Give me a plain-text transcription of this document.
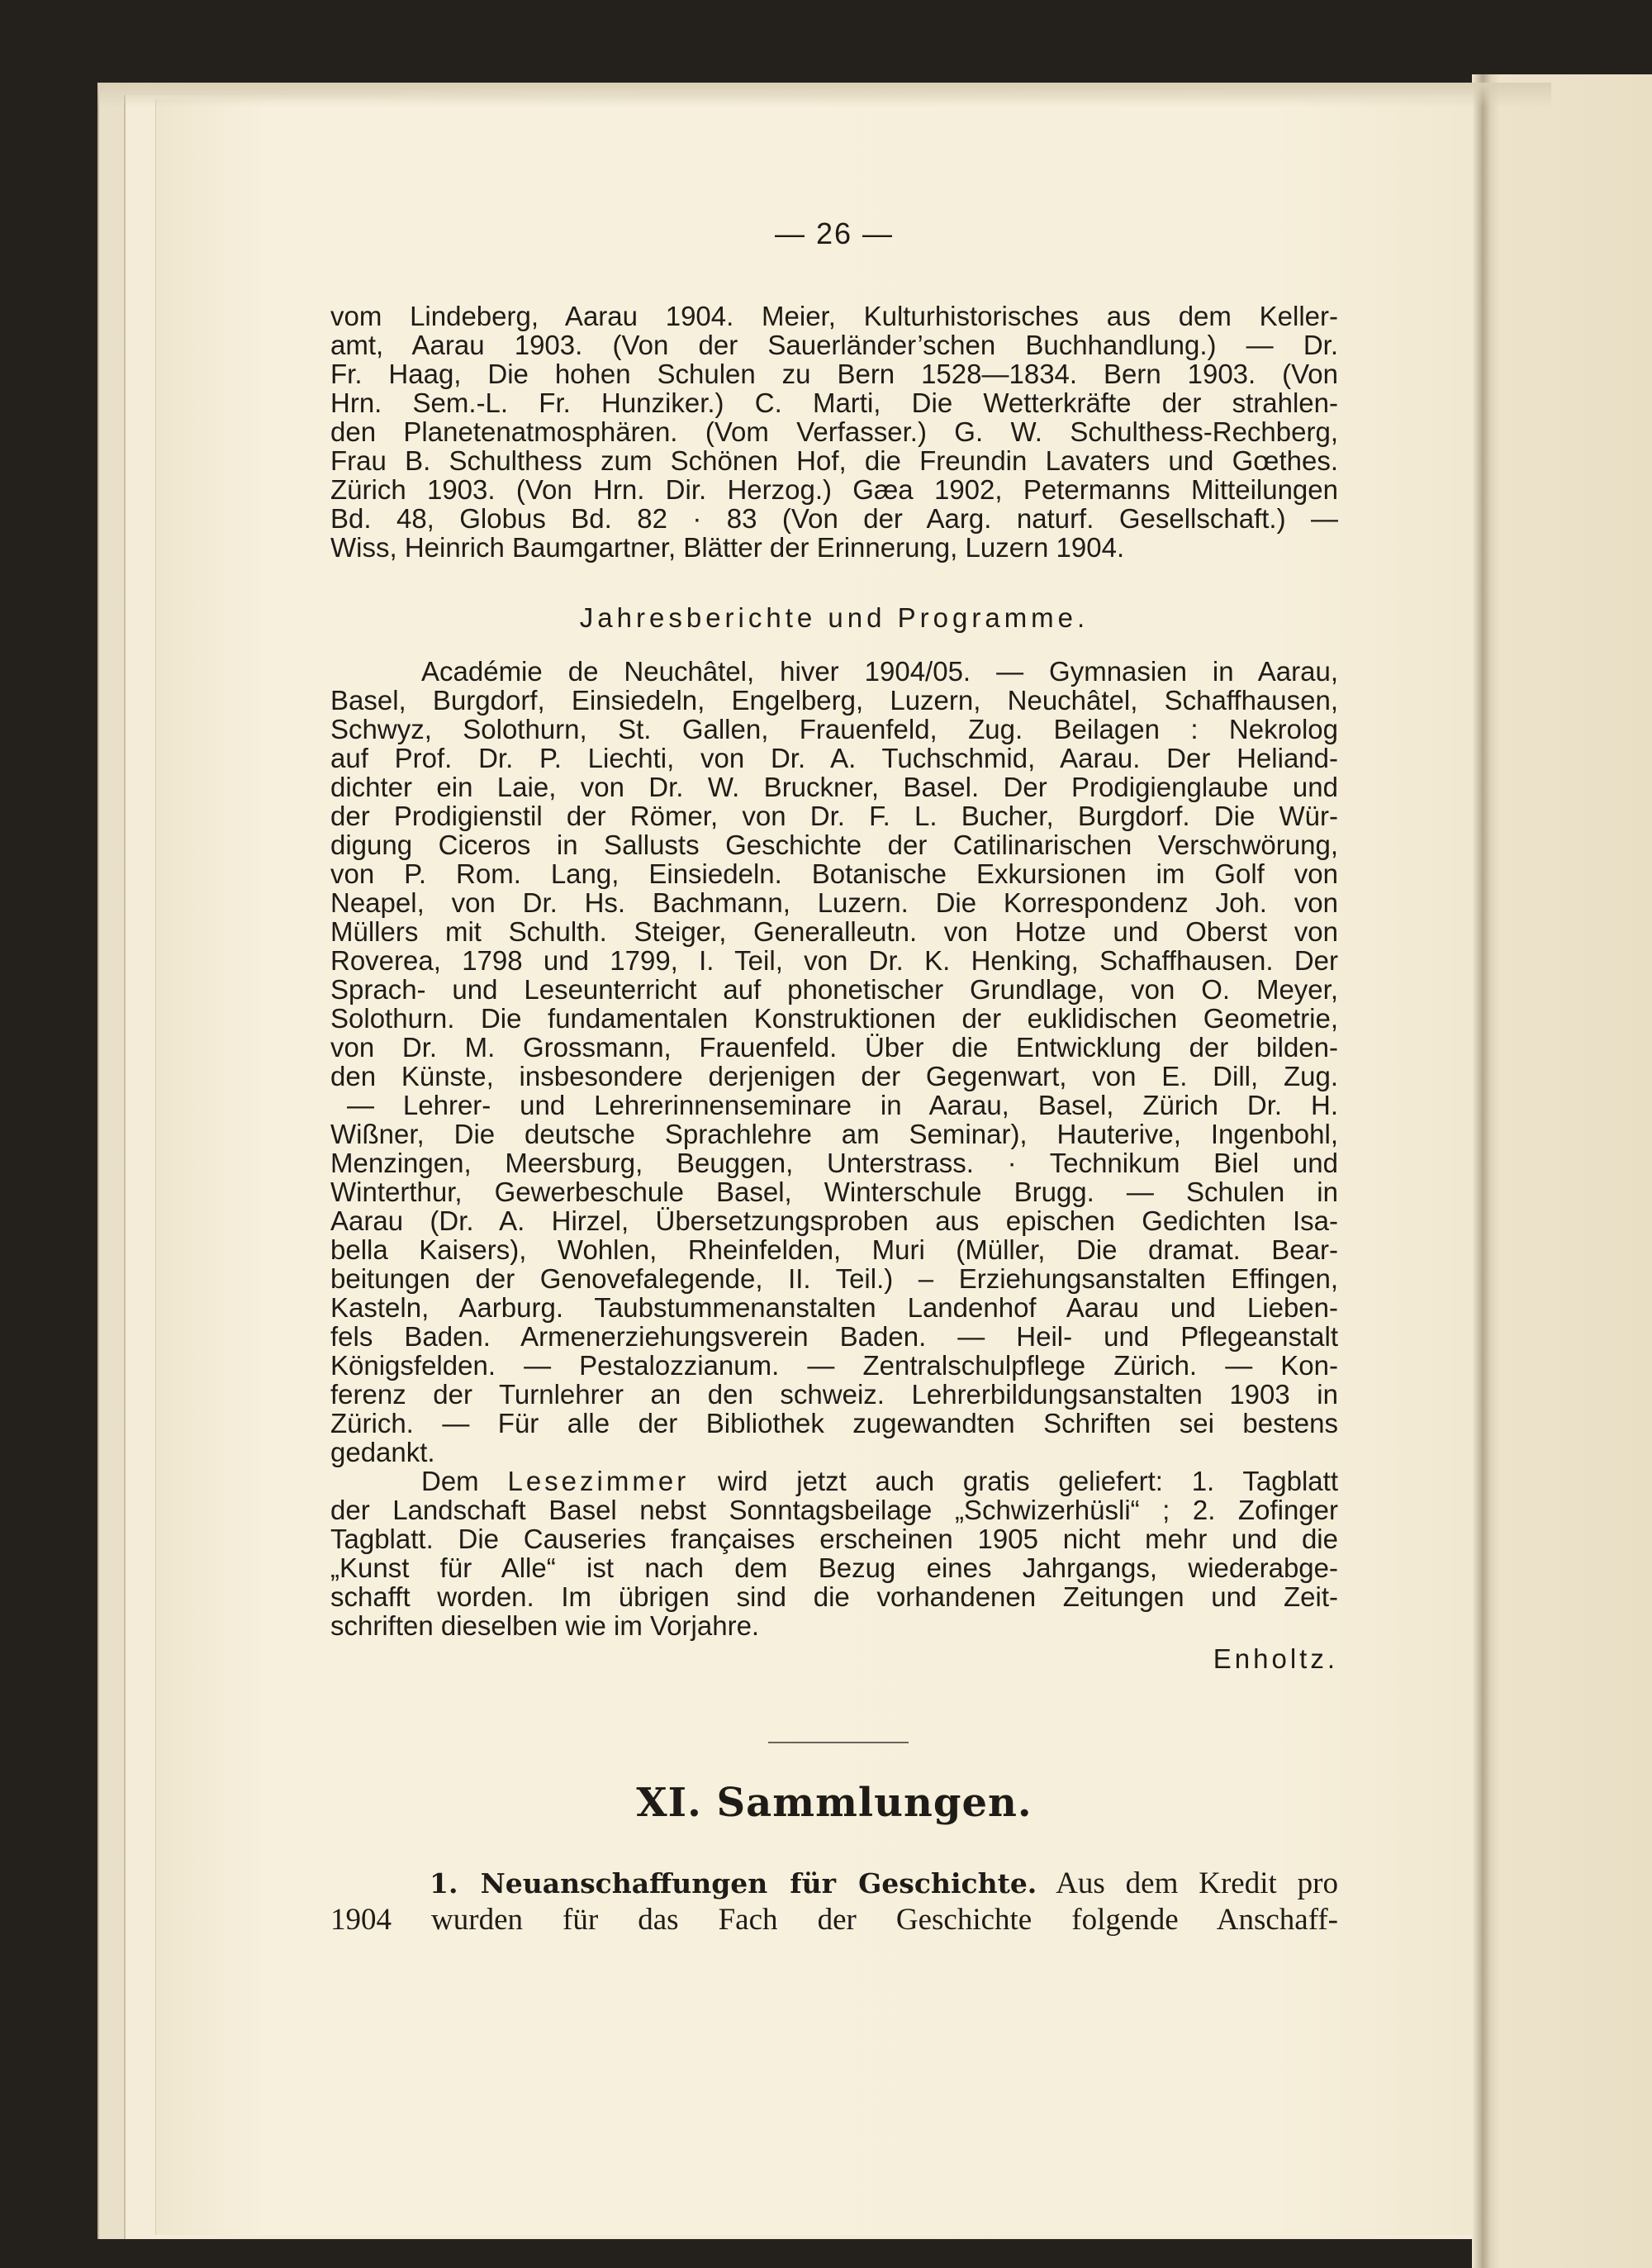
— 26 —
vom Lindeberg, Aarau 1904. Meier, Kulturhistorisches aus dem Keller-
amt, Aarau 1903. (Von der Sauerländer’schen Buchhandlung.) — Dr.
Fr. Haag, Die hohen Schulen zu Bern 1528—1834. Bern 1903. (Von
Hrn. Sem.-L. Fr. Hunziker.) C. Marti, Die Wetterkräfte der strahlen-
den Planetenatmosphären. (Vom Verfasser.) G. W. Schulthess-Rechberg,
Frau B. Schulthess zum Schönen Hof, die Freundin Lavaters und Gœthes.
Zürich 1903. (Von Hrn. Dir. Herzog.) Gæa 1902, Petermanns Mitteilungen
Bd. 48, Globus Bd. 82 · 83 (Von der Aarg. naturf. Gesellschaft.) —
Wiss, Heinrich Baumgartner, Blätter der Erinnerung, Luzern 1904.
Jahresberichte und Programme.
Académie de Neuchâtel, hiver 1904/05. — Gymnasien in Aarau,
Basel, Burgdorf, Einsiedeln, Engelberg, Luzern, Neuchâtel, Schaffhausen,
Schwyz, Solothurn, St. Gallen, Frauenfeld, Zug. Beilagen : Nekrolog
auf Prof. Dr. P. Liechti, von Dr. A. Tuchschmid, Aarau. Der Heliand-
dichter ein Laie, von Dr. W. Bruckner, Basel. Der Prodigienglaube und
der Prodigienstil der Römer, von Dr. F. L. Bucher, Burgdorf. Die Wür-
digung Ciceros in Sallusts Geschichte der Catilinarischen Verschwörung,
von P. Rom. Lang, Einsiedeln. Botanische Exkursionen im Golf von
Neapel, von Dr. Hs. Bachmann, Luzern. Die Korrespondenz Joh. von
Müllers mit Schulth. Steiger, Generalleutn. von Hotze und Oberst von
Roverea, 1798 und 1799, I. Teil, von Dr. K. Henking, Schaffhausen. Der
Sprach- und Leseunterricht auf phonetischer Grundlage, von O. Meyer,
Solothurn. Die fundamentalen Konstruktionen der euklidischen Geometrie,
von Dr. M. Grossmann, Frauenfeld. Über die Entwicklung der bilden-
den Künste, insbesondere derjenigen der Gegenwart, von E. Dill, Zug.
— Lehrer- und Lehrerinnenseminare in Aarau, Basel, Zürich Dr. H.
Wißner, Die deutsche Sprachlehre am Seminar), Hauterive, Ingenbohl,
Menzingen, Meersburg, Beuggen, Unterstrass. · Technikum Biel und
Winterthur, Gewerbeschule Basel, Winterschule Brugg. — Schulen in
Aarau (Dr. A. Hirzel, Übersetzungsproben aus epischen Gedichten Isa-
bella Kaisers), Wohlen, Rheinfelden, Muri (Müller, Die dramat. Bear-
beitungen der Genovefalegende, II. Teil.) – Erziehungsanstalten Effingen,
Kasteln, Aarburg. Taubstummenanstalten Landenhof Aarau und Lieben-
fels Baden. Armenerziehungsverein Baden. — Heil- und Pflegeanstalt
Königsfelden. — Pestalozzianum. — Zentralschulpflege Zürich. — Kon-
ferenz der Turnlehrer an den schweiz. Lehrerbildungsanstalten 1903 in
Zürich. — Für alle der Bibliothek zugewandten Schriften sei bestens
gedankt.
Dem Lesezimmer wird jetzt auch gratis geliefert: 1. Tagblatt
der Landschaft Basel nebst Sonntagsbeilage „Schwizerhüsli“ ; 2. Zofinger
Tagblatt. Die Causeries françaises erscheinen 1905 nicht mehr und die
„Kunst für Alle“ ist nach dem Bezug eines Jahrgangs, wiederabge-
schafft worden. Im übrigen sind die vorhandenen Zeitungen und Zeit-
schriften dieselben wie im Vorjahre.
Enholtz.
XI. Sammlungen.
1. Neuanschaffungen für Geschichte. Aus dem Kredit pro
1904 wurden für das Fach der Geschichte folgende Anschaff-
